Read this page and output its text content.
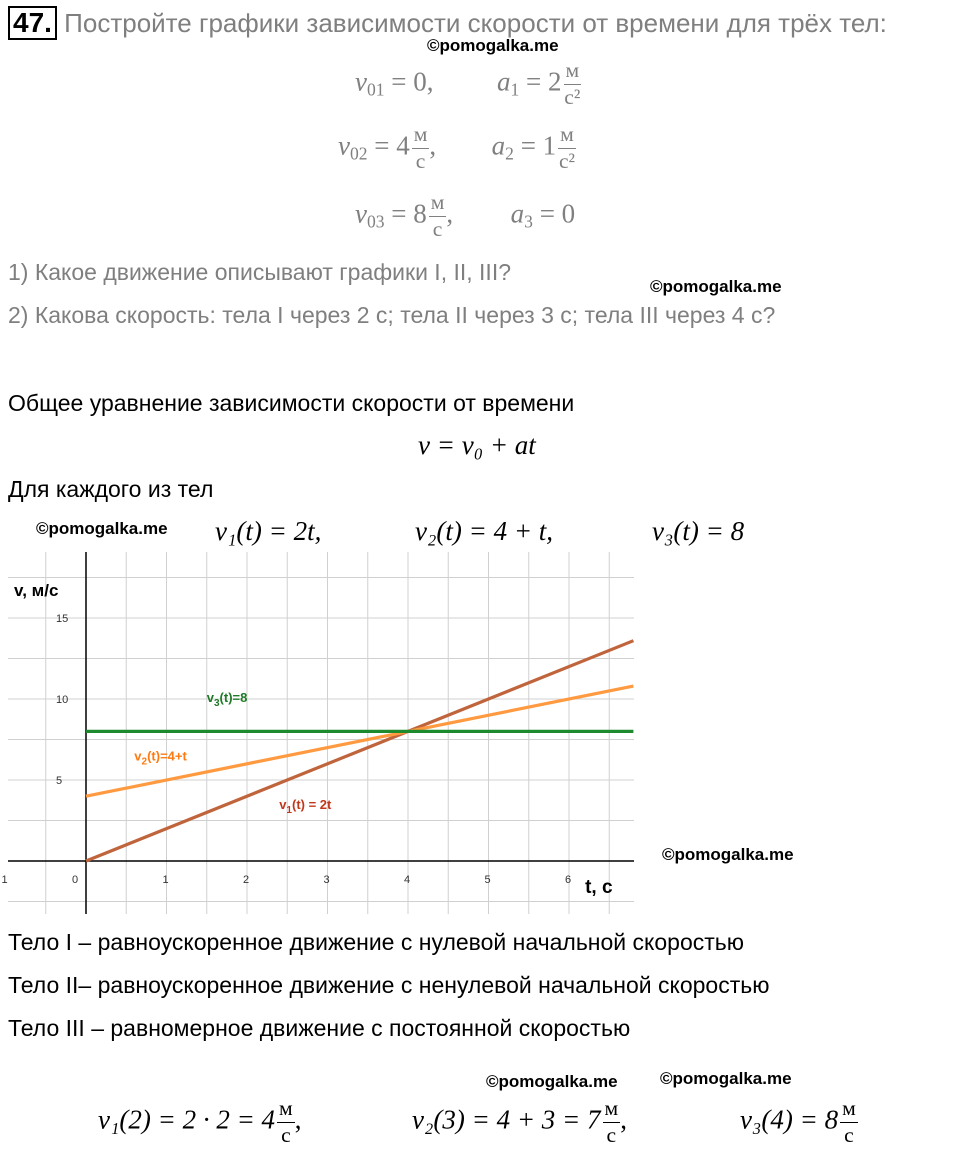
47. Постройте графики зависимости скорости от времени для трёх тел:
©pomogalka.me
$v_{01} = 0$, $a_1 = 2 \frac{м}{\text{с²}}$
$v_{02} = 4 \frac{м}{с}$ , $a_2 = 1 \frac{м}{\text{с²}}$
$v_{03} = 8 \frac{м}{с}$ , $a_3 = 0$
1) Какое движение описывают графики I, II, III?
©pomogalka.me
2) Какова скорость: тела I через 2 с; тела II через 3 с; тела III через 4 с?
Общее уравнение зависимости скорости от времени
v = v₀ + at
Для каждого из тел
©pomogalka.me v₁(t) = 2t,	v₂(t) = 4 + t,	v₃(t) = 8
1	0	1	2	3	4	5	6
5
10
15
t, с
v, м/с
$v_1(t) = 2t$
$v_2(t)=4+t$
$v_3(t)=8$
©pomogalka.me
Тело I – равноускоренное движение с нулевой начальной скоростью
Тело II– равноускоренное движение с ненулевой начальной скоростью
Тело III – равномерное движение с постоянной скоростью
©pomogalka.me ©pomogalka.me
$v_1(2) = 2 \cdot 2 = 4 \frac{м}{с}$ ,	$v_2(3) = 4 + 3 = 7 \frac{м}{с}$ ,	$v_3(4) = 8 \frac{м}{с}$
